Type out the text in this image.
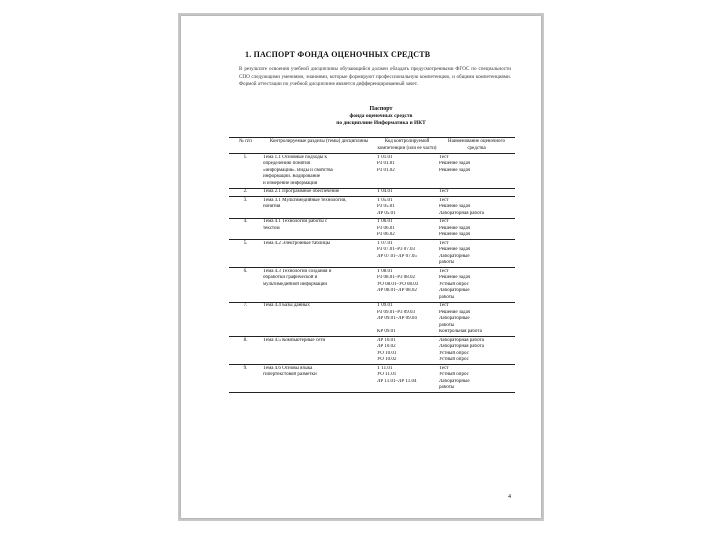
1. ПАСПОРТ ФОНДА ОЦЕНОЧНЫХ СРЕДСТВ
В результате освоения учебной дисциплины обучающийся должен обладать предусмотренными ФГОС по специальности СПО следующими умениями, знаниями, которые формируют профессиональную компетенцию, и общими компетенциями. Формой аттестации по учебной дисциплине является дифференцированный зачет.
Паспорт
фонда оценочных средств
по дисциплине Информатика и ИКТ
№ п/п	Контролируемые разделы (темы) дисциплины	Код контролируемой компетенции (или ее части)	Наименование оценочного средства
1.	Тема 1.1 Основные подходы к
определению понятия
«информация». Виды и свойства
информации. Кодирование
и измерение информации	Т 01.01
Р3 01.01
Р3 01.02	Тест
Решение задач
Решение задач

2.	Тема 2.1 Программное обеспечение	Т 04.01	Тест

3.	Тема 3.1 Мультимедийные технологии,
понятия	Т 05.01
Р3 05.01
ЛР 05.01	Тест
Решение задач
Лабораторная работа

4.	Тема 4.1 Технологии работы с
текстом	Т 06.01
Р3 06.01
Р3 06.02	Тест
Решение задач
Решение задач

5.	Тема 4.2 Электронные таблицы	Т 07.01
Р3 07.01–Р3 07.03
ЛР 07.01–ЛР 07.05	Тест
Решение задач
Лабораторные
работы

6.	Тема 4.3 Технологии создания и
обработки графической и
мультимедийной информации	Т 08.01
Р3 08.01–Р3 08.02
УО 08.01–УО 08.03
ЛР 08.01–ЛР 08.02	Тест
Решение задач
Устный опрос
Лабораторные
работы

7.	Тема 4.4 Базы данных	Т 09.01
Р3 09.01–Р3 09.03
ЛР 09.01–ЛР 09.04

КР 09.01	Тест
Решение задач
Лабораторные
работы
Контрольная работа

8.	Тема 4.5 Компьютерные сети	ЛР 10.01
ЛР 10.02
УО 10.01
УО 10.02	Лабораторная работа
Лабораторная работа
Устный опрос
Устный опрос

9.	Тема 4.6 Основы языка
гипертекстовой разметки	Т 11.01
УО 11.01
ЛР 11.01–ЛР 11.04	Тест
Устный опрос
Лабораторные
работы
4
